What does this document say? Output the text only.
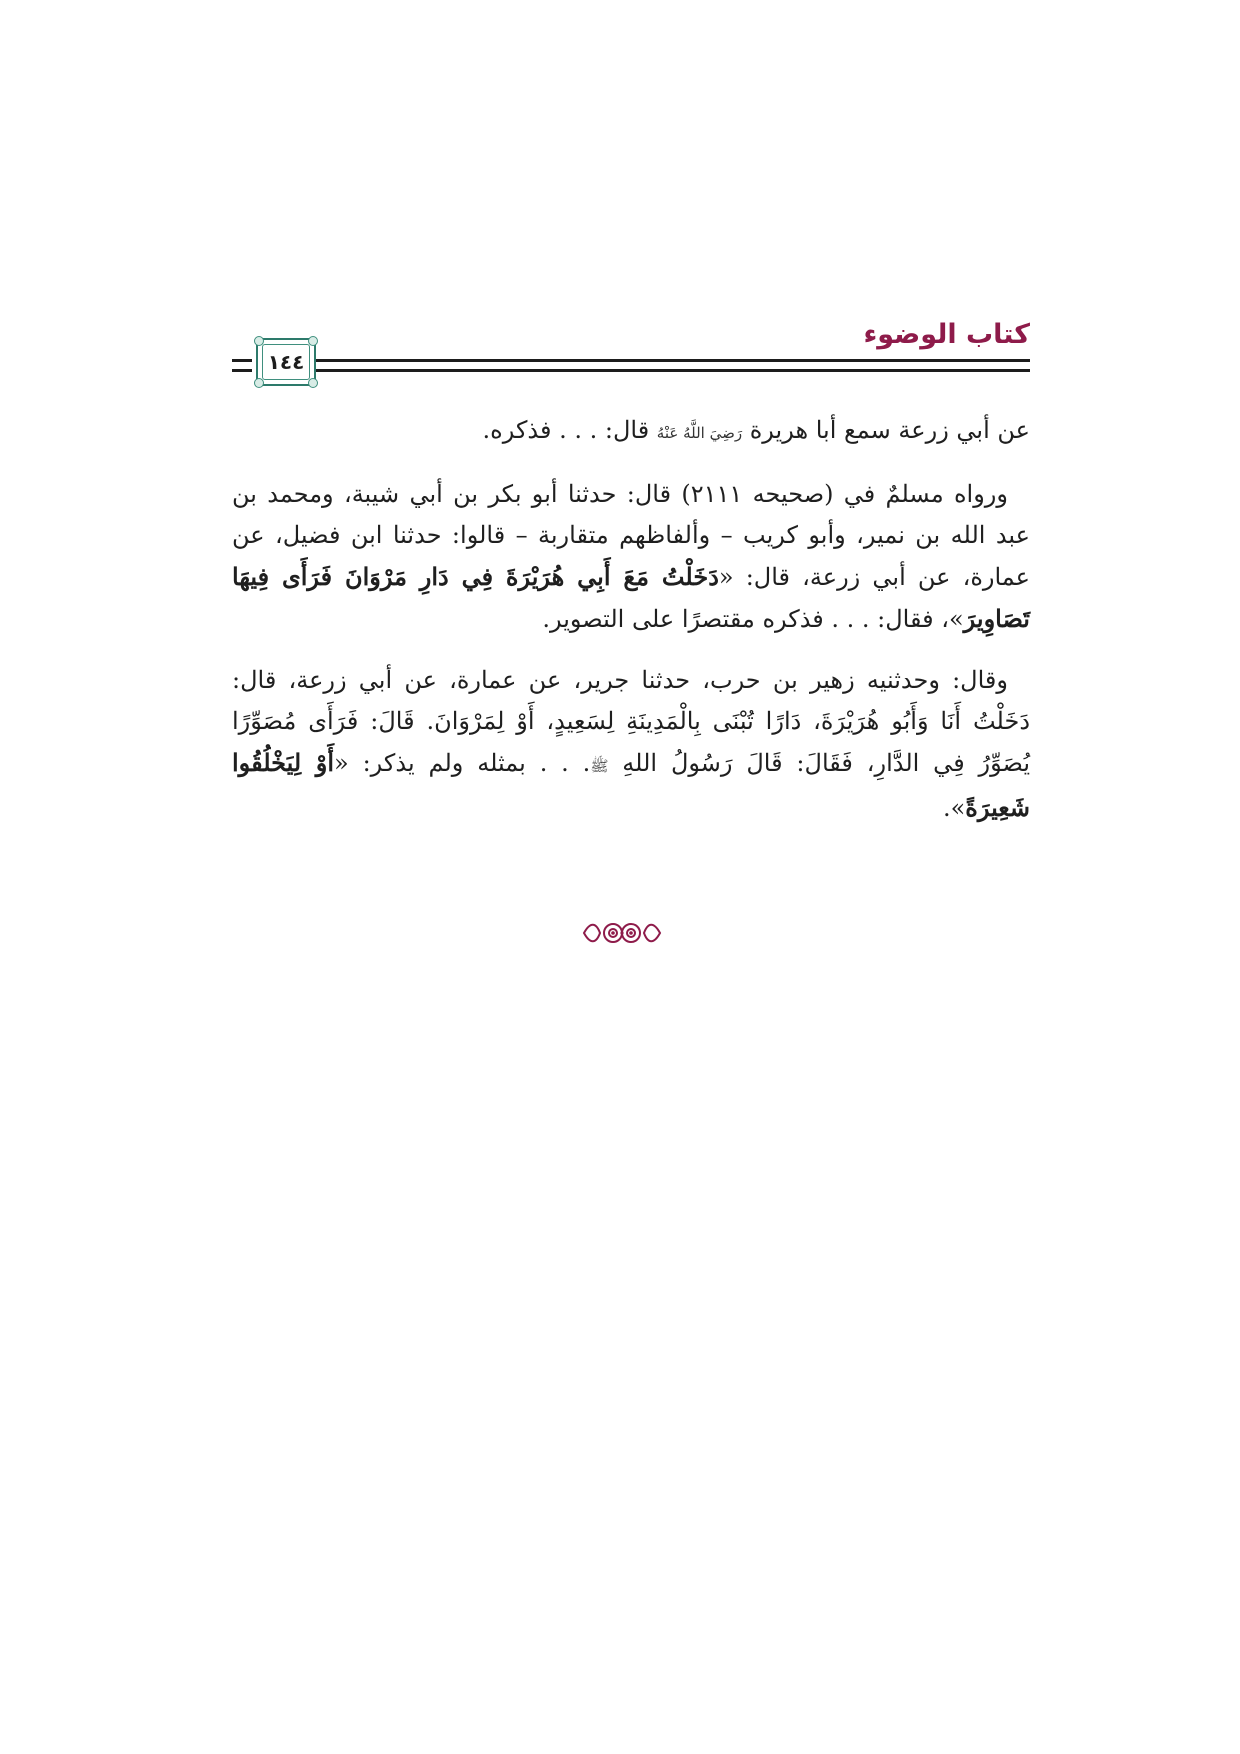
كتاب الوضوء
١٤٤

عن أبي زرعة سمع أبا هريرة رَضِيَ اللَّهُ عَنْهُ قال: . . . فذكره.

ورواه مسلمٌ في (صحيحه ٢١١١) قال: حدثنا أبو بكر بن أبي شيبة، ومحمد بن عبد الله بن نمير، وأبو كريب – وألفاظهم متقاربة – قالوا: حدثنا ابن فضيل، عن عمارة، عن أبي زرعة، قال: «دَخَلْتُ مَعَ أَبِي هُرَيْرَةَ فِي دَارِ مَرْوَانَ فَرَأَى فِيهَا تَصَاوِيرَ»، فقال: . . . فذكره مقتصرًا على التصوير.

وقال: وحدثنيه زهير بن حرب، حدثنا جرير، عن عمارة، عن أبي زرعة، قال: دَخَلْتُ أَنَا وَأَبُو هُرَيْرَةَ، دَارًا تُبْنَى بِالْمَدِينَةِ لِسَعِيدٍ، أَوْ لِمَرْوَانَ. قَالَ: فَرَأَى مُصَوِّرًا يُصَوِّرُ فِي الدَّارِ، فَقَالَ: قَالَ رَسُولُ اللهِ ﷺ. . . بمثله ولم يذكر: «أَوْ لِيَخْلُقُوا شَعِيرَةً».
